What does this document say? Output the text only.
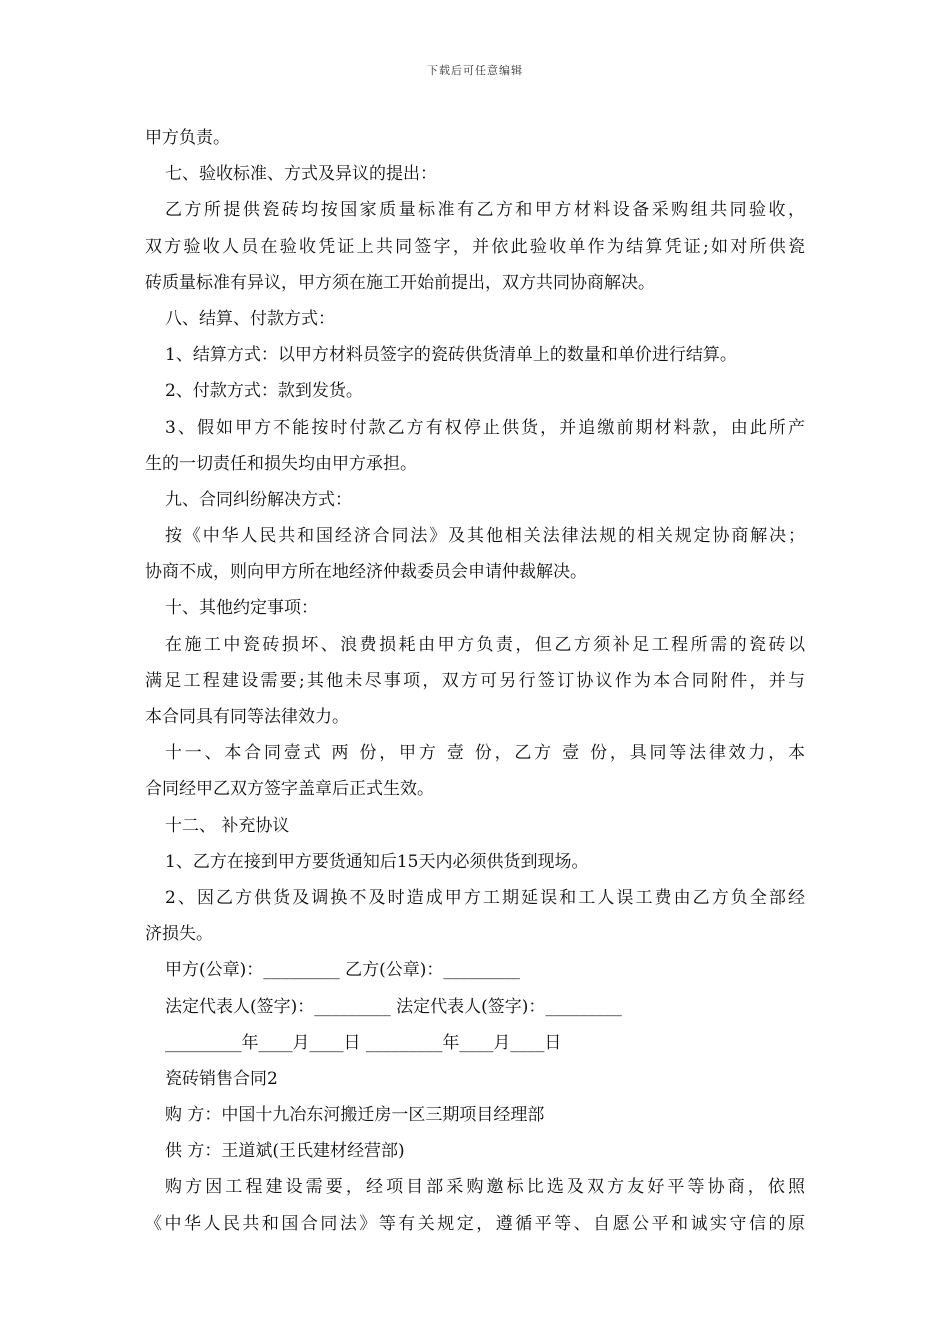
下载后可任意编辑
甲方负责。
七、验收标准、方式及异议的提出：
乙方所提供瓷砖均按国家质量标准有乙方和甲方材料设备采购组共同验收，
双方验收人员在验收凭证上共同签字，并依此验收单作为结算凭证;如对所供瓷
砖质量标准有异议，甲方须在施工开始前提出，双方共同协商解决。
八、结算、付款方式：
1、结算方式：以甲方材料员签字的瓷砖供货清单上的数量和单价进行结算。
2、付款方式：款到发货。
3、假如甲方不能按时付款乙方有权停止供货，并追缴前期材料款，由此所产
生的一切责任和损失均由甲方承担。
九、合同纠纷解决方式：
按《中华人民共和国经济合同法》及其他相关法律法规的相关规定协商解决；
协商不成，则向甲方所在地经济仲裁委员会申请仲裁解决。
十、其他约定事项：
在施工中瓷砖损坏、浪费损耗由甲方负责，但乙方须补足工程所需的瓷砖以
满足工程建设需要;其他未尽事项，双方可另行签订协议作为本合同附件，并与
本合同具有同等法律效力。
十一、本合同壹式 两 份，甲方 壹 份，乙方 壹 份，具同等法律效力，本
合同经甲乙双方签字盖章后正式生效。
十二、 补充协议
1、乙方在接到甲方要货通知后15天内必须供货到现场。
2、因乙方供货及调换不及时造成甲方工期延误和工人误工费由乙方负全部经
济损失。
甲方(公章)：_________ 乙方(公章)：_________
法定代表人(签字)：_________ 法定代表人(签字)：_________
_________年____月____日 _________年____月____日
瓷砖销售合同2
购 方：中国十九冶东河搬迁房一区三期项目经理部
供 方：王道斌(王氏建材经营部)
购方因工程建设需要，经项目部采购邀标比选及双方友好平等协商，依照
《中华人民共和国合同法》等有关规定，遵循平等、自愿公平和诚实守信的原
